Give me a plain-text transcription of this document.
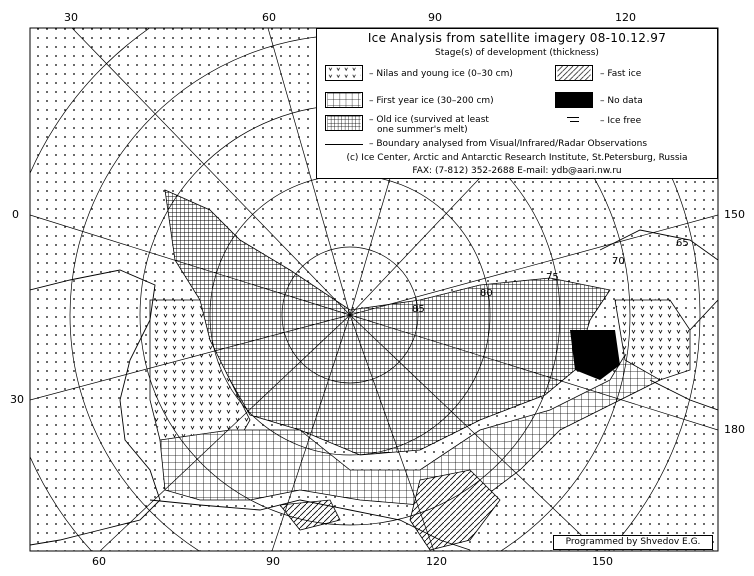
30	60	90	120
60	90	120	150
0
30
150
180
85
80
75
70
65
Ice Analysis from satellite imagery 08-10.12.97
Stage(s) of development (thickness)
– Nilas and young ice (0–30 cm)	– Fast ice
– First year ice (30–200 cm)	– No data
– Old ice (survived at least
one summer's melt)
– Ice free
– Boundary analysed from Visual/Infrared/Radar Observations
(c) Ice Center, Arctic and Antarctic Research Institute, St.Petersburg, Russia
FAX: (7-812) 352-2688 E-mail: ydb@aari.nw.ru
Programmed by Shvedov E.G.
